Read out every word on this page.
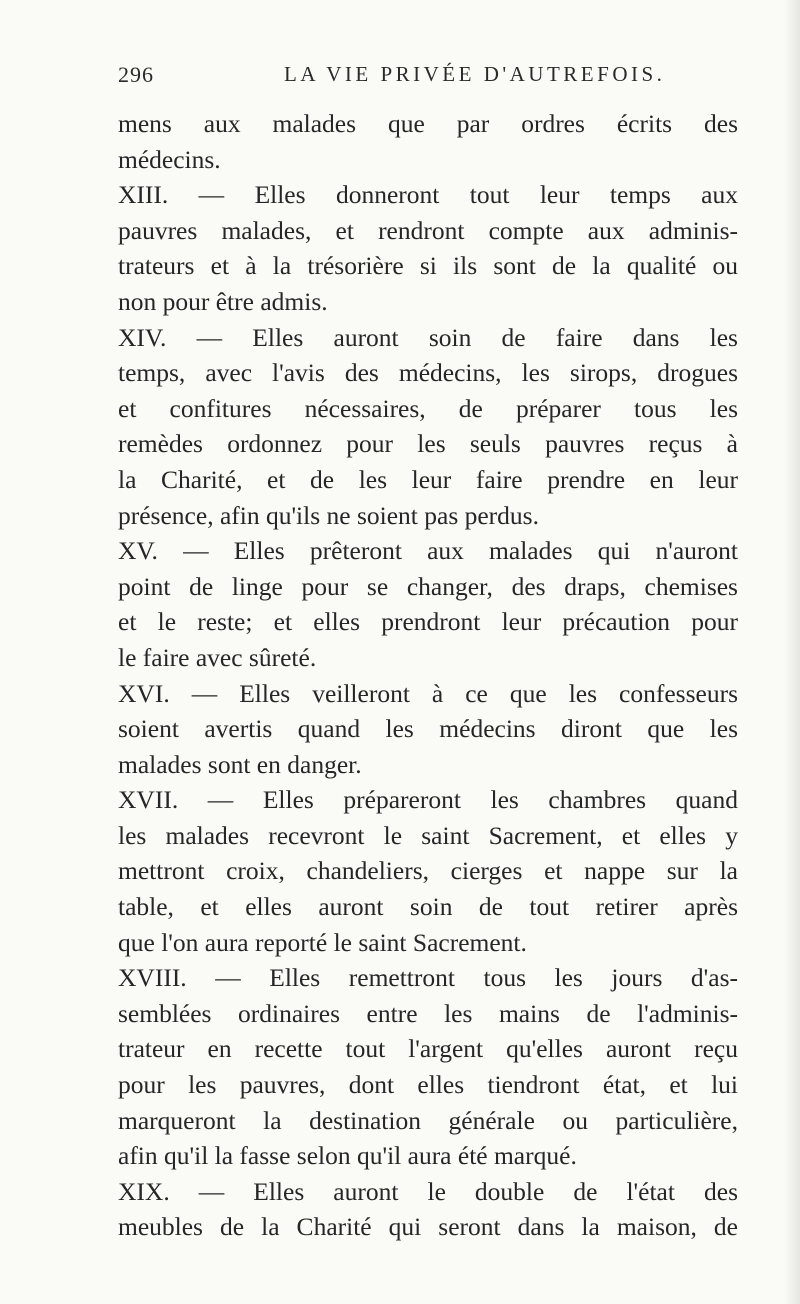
296	LA VIE PRIVÉE D'AUTREFOIS.
mens aux malades que par ordres écrits des
médecins.
XIII. — Elles donneront tout leur temps aux
pauvres malades, et rendront compte aux adminis-
trateurs et à la trésorière si ils sont de la qualité ou
non pour être admis.
XIV. — Elles auront soin de faire dans les
temps, avec l'avis des médecins, les sirops, drogues
et confitures nécessaires, de préparer tous les
remèdes ordonnez pour les seuls pauvres reçus à
la Charité, et de les leur faire prendre en leur
présence, afin qu'ils ne soient pas perdus.
XV. — Elles prêteront aux malades qui n'auront
point de linge pour se changer, des draps, chemises
et le reste; et elles prendront leur précaution pour
le faire avec sûreté.
XVI. — Elles veilleront à ce que les confesseurs
soient avertis quand les médecins diront que les
malades sont en danger.
XVII. — Elles prépareront les chambres quand
les malades recevront le saint Sacrement, et elles y
mettront croix, chandeliers, cierges et nappe sur la
table, et elles auront soin de tout retirer après
que l'on aura reporté le saint Sacrement.
XVIII. — Elles remettront tous les jours d'as-
semblées ordinaires entre les mains de l'adminis-
trateur en recette tout l'argent qu'elles auront reçu
pour les pauvres, dont elles tiendront état, et lui
marqueront la destination générale ou particulière,
afin qu'il la fasse selon qu'il aura été marqué.
XIX. — Elles auront le double de l'état des
meubles de la Charité qui seront dans la maison, de
